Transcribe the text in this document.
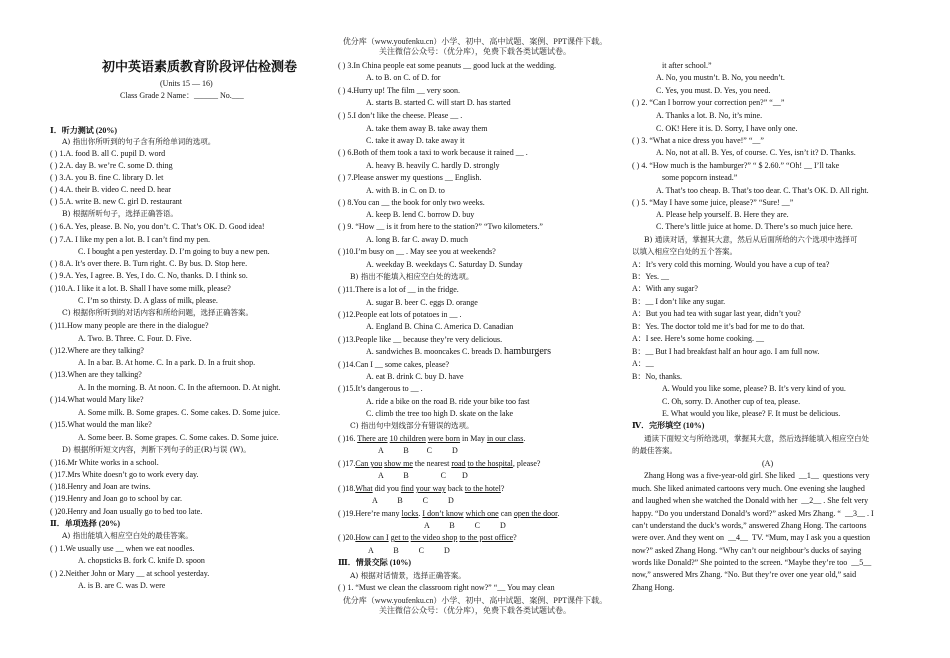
优分库（www.youfenku.cn）小学、初中、高中试题、案例、PPT课件下载。
关注微信公众号：（优分库），免费下载各类试题试卷。
初中英语素质教育阶段评估检测卷
(Units 15 — 16)
Class Grade 2 Name：______ No.___
Ⅰ．听力测试 (20%)
A) 指出你所听到的句子含有所给单词的选项。
( ) 1.A. food B. all C. pupil D. word
( ) 2.A. day B. we’re C. some D. thing
( ) 3.A. you B. fine C. library D. let
( ) 4.A. their B. video C. need D. hear
( ) 5.A. write B. new C. girl D. restaurant
B) 根据所听句子，选择正确答语。
( ) 6.A. Yes, please. B. No, you don’t. C. That’s OK. D. Good idea!
( ) 7.A. I like my pen a lot. B. I can’t find my pen.
C. I bought a pen yesterday. D. I’m going to buy a new pen.
( ) 8.A. It’s over there. B. Turn right. C. By bus. D. Stop here.
( ) 9.A. Yes, I agree. B. Yes, I do. C. No, thanks. D. I think so.
( )10.A. I like it a lot. B. Shall I have some milk, please?
C. I’m so thirsty. D. A glass of milk, please.
C) 根据你所听到的对话内容和所给问题，选择正确答案。
( )11.How many people are there in the dialogue?
A. Two. B. Three. C. Four. D. Five.
( )12.Where are they talking?
A. In a bar. B. At home. C. In a park. D. In a fruit shop.
( )13.When are they talking?
A. In the morning. B. At noon. C. In the afternoon. D. At night.
( )14.What would Mary like?
A. Some milk. B. Some grapes. C. Some cakes. D. Some juice.
( )15.What would the man like?
A. Some beer. B. Some grapes. C. Some cakes. D. Some juice.
D) 根据所听短文内容，判断下列句子的正(R)与误 (W)。
( )16.Mr White works in a school.
( )17.Mrs White doesn’t go to work every day.
( )18.Henry and Joan are twins.
( )19.Henry and Joan go to school by car.
( )20.Henry and Joan usually go to bed too late.
Ⅱ．单项选择 (20%)
A) 指出能填入相应空白处的最佳答案。
( ) 1.We usually use __ when we eat noodles.
A. chopsticks B. fork C. knife D. spoon
( ) 2.Neither John or Mary __ at school yesterday.
A. is B. are C. was D. were
( ) 3.In China people eat some peanuts __ good luck at the wedding.
A. to B. on C. of D. for
( ) 4.Hurry up! The film __ very soon.
A. starts B. started C. will start D. has started
( ) 5.I don’t like the cheese. Please __ .
A. take them away B. take away them
C. take it away D. take away it
( ) 6.Both of them took a taxi to work because it rained __ .
A. heavy B. heavily C. hardly D. strongly
( ) 7.Please answer my questions __ English.
A. with B. in C. on D. to
( ) 8.You can __ the book for only two weeks.
A. keep B. lend C. borrow D. buy
( ) 9. “How __ is it from here to the station?” “Two kilometers.”
A. long B. far C. away D. much
( )10.I’m busy on __ . May see you at weekends?
A. weekday B. weekdays C. Saturday D. Sunday
B) 指出不能填入相应空白处的选项。
( )11.There is a lot of __ in the fridge.
A. sugar B. beer C. eggs D. orange
( )12.People eat lots of potatoes in __ .
A. England B. China C. America D. Canadian
( )13.People like __ because they’re very delicious.
A. sandwiches B. mooncakes C. breads D. hamburgers
( )14.Can I __ some cakes, please?
A. eat B. drink C. buy D. have
( )15.It’s dangerous to __ .
A. ride a bike on the road B. ride your bike too fast
C. climb the tree too high D. skate on the lake
C) 指出句中划线部分有错误的选项。
( )16. There are 10 children were born in May in our class.
A          B         C          D
( )17.Can you show me the nearest road to the hospital, please?
A          B                C        D
( )18.What did you find your way back to the hotel?
A          B          C          D
( )19.Here’re many locks. I don’t know which one can open the door.
A          B          C          D
( )20.How can I get to the video shop to the post office?
A          B          C          D
Ⅲ．情景交际 (10%)
A) 根据对话情景，选择正确答案。
( ) 1. “Must we clean the classroom right now?” “__ You may clean
it after school.”
A. No, you mustn’t. B. No, you needn’t.
C. Yes, you must. D. Yes, you need.
( ) 2. “Can I borrow your correction pen?” “__”
A. Thanks a lot. B. No, it’s mine.
C. OK! Here it is. D. Sorry, I have only one.
( ) 3. “What a nice dress you have!” “__”
A. No, not at all. B. Yes, of course. C. Yes, isn’t it? D. Thanks.
( ) 4. “How much is the hamburger?” “ $ 2.60.” “Oh! __ I’ll take
some popcorn instead.”
A. That’s too cheap. B. That’s too dear. C. That’s OK. D. All right.
( ) 5. “May I have some juice, please?” “Sure! __”
A. Please help yourself. B. Here they are.
C. There’s little juice at home. D. There’s so much juice here.
B) 通读对话，掌握其大意，然后从后面所给的六个选项中选择可
以填入相应空白处的五个答案。
A：It’s very cold this morning. Would you have a cup of tea?
B：Yes. __
A：With any sugar?
B：__ I don’t like any sugar.
A：But you had tea with sugar last year, didn’t you?
B：Yes. The doctor told me it’s bad for me to do that.
A：I see. Here’s some home cooking. __
B：__ But I had breakfast half an hour ago. I am full now.
A：__
B：No, thanks.
A. Would you like some, please? B. It’s very kind of you.
C. Oh, sorry. D. Another cup of tea, please.
E. What would you like, please? F. It must be delicious.
Ⅳ．完形填空 (10%)
通读下面短文与所给选项，掌握其大意，然后选择能填入相应空白处
的最佳答案。
(A)
Zhang Hong was a five-year-old girl. She liked  __1__  questions very
much. She liked animated cartoons very much. One evening she laughed
and laughed when she watched the Donald with her  __2__ . She felt very
happy. “Do you understand Donald’s word?” asked Mrs Zhang. “  __3__ . I
can’t understand the duck’s words,” answered Zhang Hong. The cartoons
were over. And they went on  __4__  TV. “Mum, may I ask you a question
now?” asked Zhang Hong. “Why can’t our neighbour’s ducks of saying
words like Donald?” She pointed to the screen. “Maybe they’re too  __5__
now,” answered Mrs Zhang. “No. But they’re over one year old,” said
Zhang Hong.
优分库（www.youfenku.cn）小学、初中、高中试题、案例、PPT课件下载。
关注微信公众号：（优分库），免费下载各类试题试卷。
